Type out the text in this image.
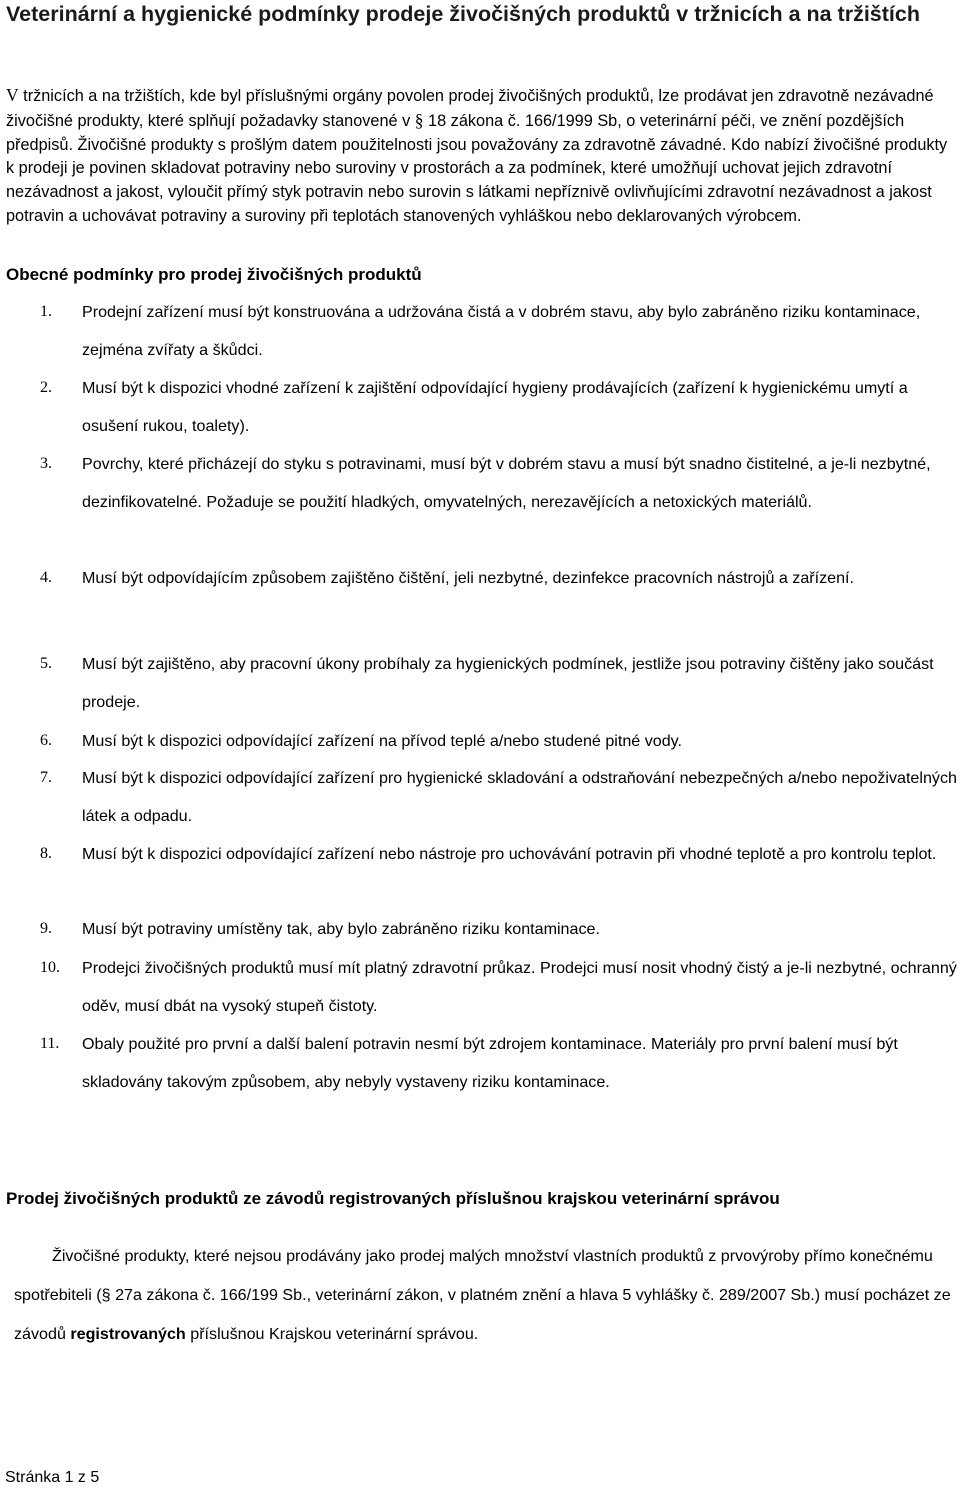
Veterinární a hygienické podmínky prodeje živočišných produktů v tržnicích a na tržištích

V tržnicích a na tržištích, kde byl příslušnými orgány povolen prodej živočišných produktů, lze prodávat jen zdravotně nezávadné živočišné produkty, které splňují požadavky stanovené v § 18 zákona č. 166/1999 Sb, o veterinární péči, ve znění pozdějších předpisů. Živočišné produkty s prošlým datem použitelnosti jsou považovány za zdravotně závadné. Kdo nabízí živočišné produkty k prodeji je povinen skladovat potraviny nebo suroviny v prostorách a za podmínek, které umožňují uchovat jejich zdravotní nezávadnost a jakost, vyloučit přímý styk potravin nebo surovin s látkami nepříznivě ovlivňujícími zdravotní nezávadnost a jakost potravin a uchovávat potraviny a suroviny při teplotách stanovených vyhláškou nebo deklarovaných výrobcem.

Obecné podmínky pro prodej živočišných produktů
1. Prodejní zařízení musí být konstruována a udržována čistá a v dobrém stavu, aby bylo zabráněno riziku kontaminace, zejména zvířaty a škůdci.
2. Musí být k dispozici vhodné zařízení k zajištění odpovídající hygieny prodávajících (zařízení k hygienickému umytí a osušení rukou, toalety).
3. Povrchy, které přicházejí do styku s potravinami, musí být v dobrém stavu a musí být snadno čistitelné, a je-li nezbytné, dezinfikovatelné. Požaduje se použití hladkých, omyvatelných, nerezavějících a netoxických materiálů.
4. Musí být odpovídajícím způsobem zajištěno čištění, jeli nezbytné, dezinfekce pracovních nástrojů a zařízení.
5. Musí být zajištěno, aby pracovní úkony probíhaly za hygienických podmínek, jestliže jsou potraviny čištěny jako součást prodeje.
6. Musí být k dispozici odpovídající zařízení na přívod teplé a/nebo studené pitné vody.
7. Musí být k dispozici odpovídající zařízení pro hygienické skladování a odstraňování nebezpečných a/nebo nepoživatelných látek a odpadu.
8. Musí být k dispozici odpovídající zařízení nebo nástroje pro uchovávání potravin při vhodné teplotě a pro kontrolu teplot.
9. Musí být potraviny umístěny tak, aby bylo zabráněno riziku kontaminace.
10. Prodejci živočišných produktů musí mít platný zdravotní průkaz. Prodejci musí nosit vhodný čistý a je-li nezbytné, ochranný oděv, musí dbát na vysoký stupeň čistoty.
11. Obaly použité pro první a další balení potravin nesmí být zdrojem kontaminace. Materiály pro první balení musí být skladovány takovým způsobem, aby nebyly vystaveny riziku kontaminace.
Prodej živočišných produktů ze závodů registrovaných příslušnou krajskou veterinární správou

Živočišné produkty, které nejsou prodávány jako prodej malých množství vlastních produktů z prvovýroby přímo konečnému spotřebiteli (§ 27a zákona č. 166/199 Sb., veterinární zákon, v platném znění a hlava 5 vyhlášky č. 289/2007 Sb.) musí pocházet ze závodů registrovaných příslušnou Krajskou veterinární správou.

Stránka 1 z 5
